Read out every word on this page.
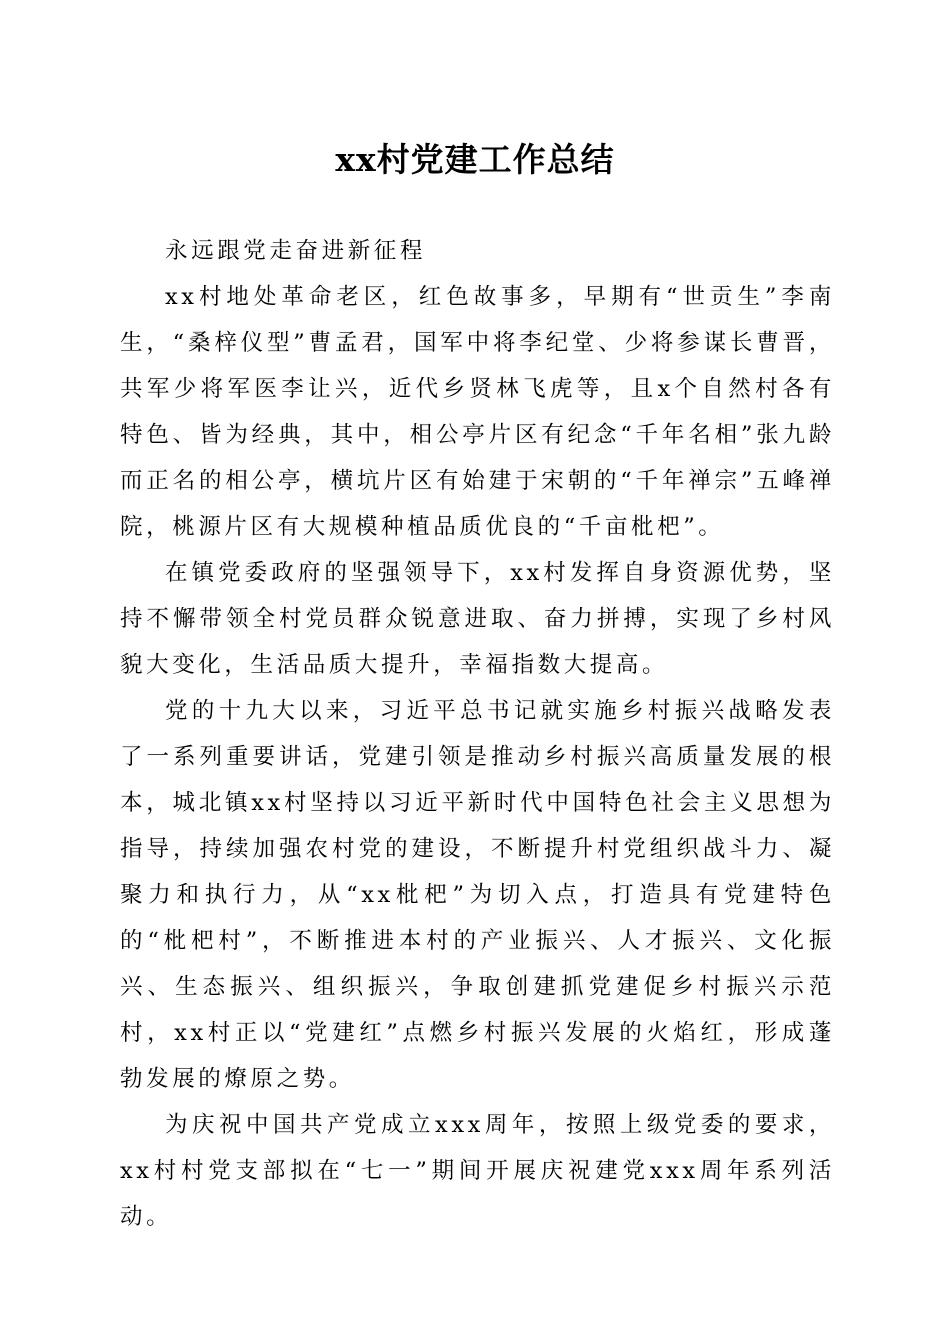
xx村党建工作总结

永远跟党走奋进新征程

xx村地处革命老区，红色故事多，早期有“世贡生”李南生，“桑梓仪型”曹孟君，国军中将李纪堂、少将参谋长曹晋，共军少将军医李让兴，近代乡贤林飞虎等，且x个自然村各有特色、皆为经典，其中，相公亭片区有纪念“千年名相”张九龄而正名的相公亭，横坑片区有始建于宋朝的“千年禅宗”五峰禅院，桃源片区有大规模种植品质优良的“千亩枇杷”。

在镇党委政府的坚强领导下，xx村发挥自身资源优势，坚持不懈带领全村党员群众锐意进取、奋力拼搏，实现了乡村风貌大变化，生活品质大提升，幸福指数大提高。

党的十九大以来，习近平总书记就实施乡村振兴战略发表了一系列重要讲话，党建引领是推动乡村振兴高质量发展的根本，城北镇xx村坚持以习近平新时代中国特色社会主义思想为指导，持续加强农村党的建设，不断提升村党组织战斗力、凝聚力和执行力，从“xx枇杷”为切入点，打造具有党建特色的“枇杷村”，不断推进本村的产业振兴、人才振兴、文化振兴、生态振兴、组织振兴，争取创建抓党建促乡村振兴示范村，xx村正以“党建红”点燃乡村振兴发展的火焰红，形成蓬勃发展的燎原之势。

为庆祝中国共产党成立xxx周年，按照上级党委的要求，xx村村党支部拟在“七一”期间开展庆祝建党xxx周年系列活动。
